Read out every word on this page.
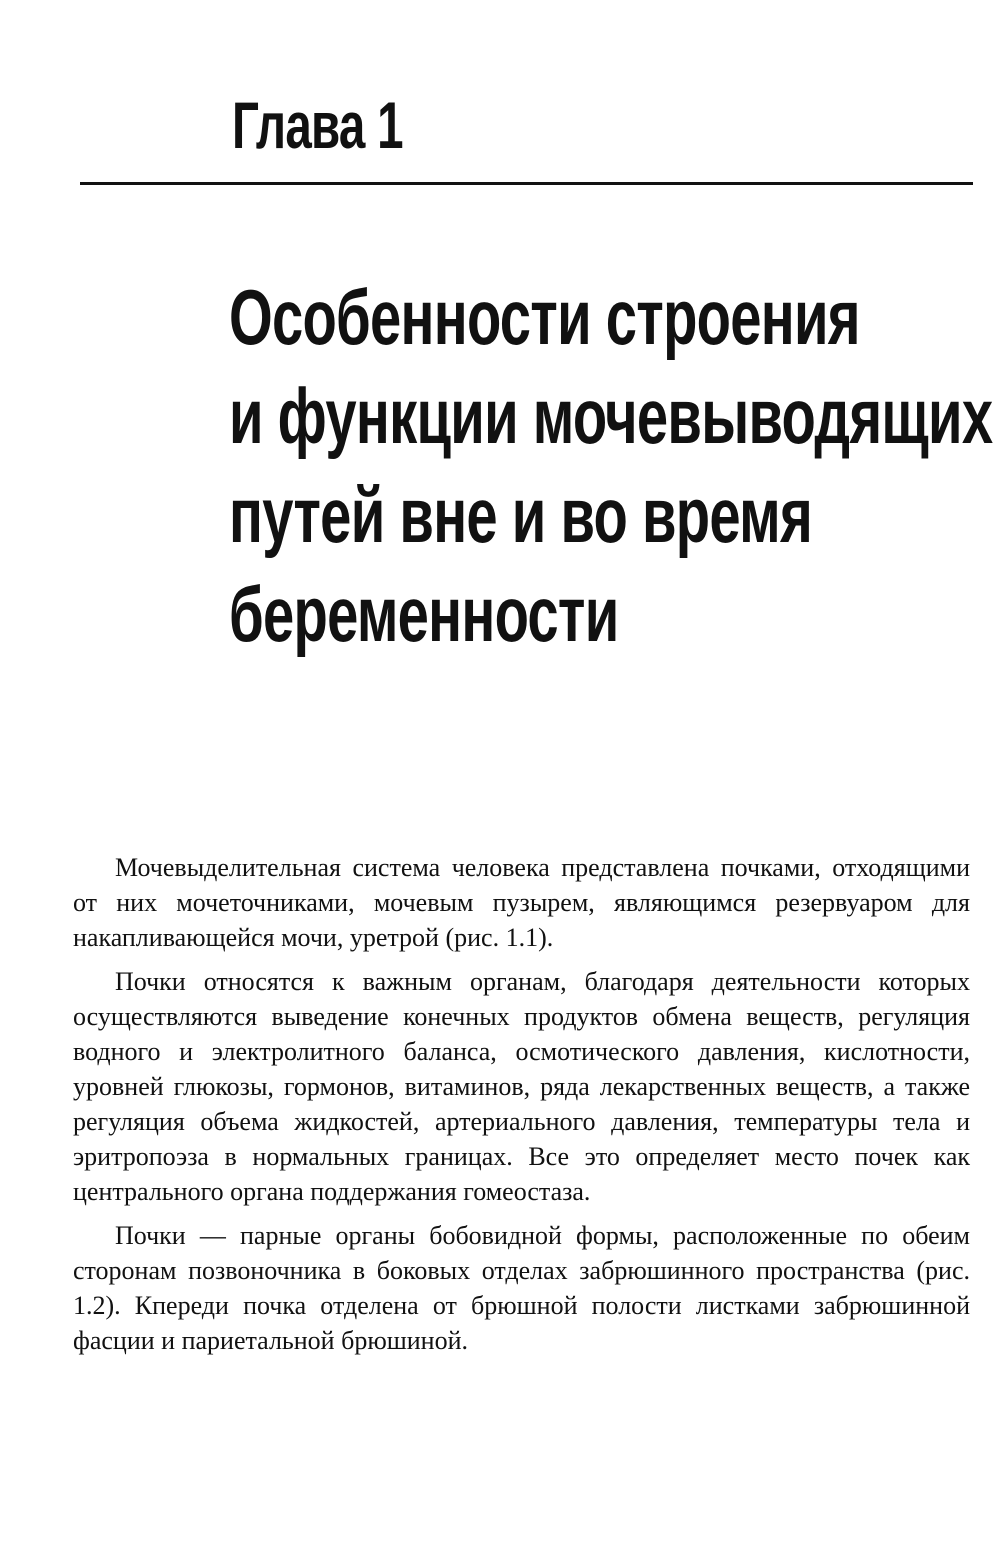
Глава 1
Особенности строения
и функции мочевыводящих
путей вне и во время
беременности

Мочевыделительная система человека представлена почками, отходящими от них мочеточниками, мочевым пузырем, являющимся резервуаром для накапливающейся мочи, уретрой (рис. 1.1).

Почки относятся к важным органам, благодаря деятельности которых осуществляются выведение конечных продуктов обмена веществ, регуляция водного и электролитного баланса, осмотического давления, кислотности, уровней глюкозы, гормонов, витаминов, ряда лекарственных веществ, а также регуляция объема жидкостей, артериального давления, температуры тела и эритропоэза в нормальных границах. Все это определяет место почек как центрального органа поддержания гомеостаза.

Почки — парные органы бобовидной формы, расположенные по обеим сторонам позвоночника в боковых отделах забрюшинного пространства (рис. 1.2). Кпереди почка отделена от брюшной полости листками забрюшинной фасции и париетальной брюшиной.
